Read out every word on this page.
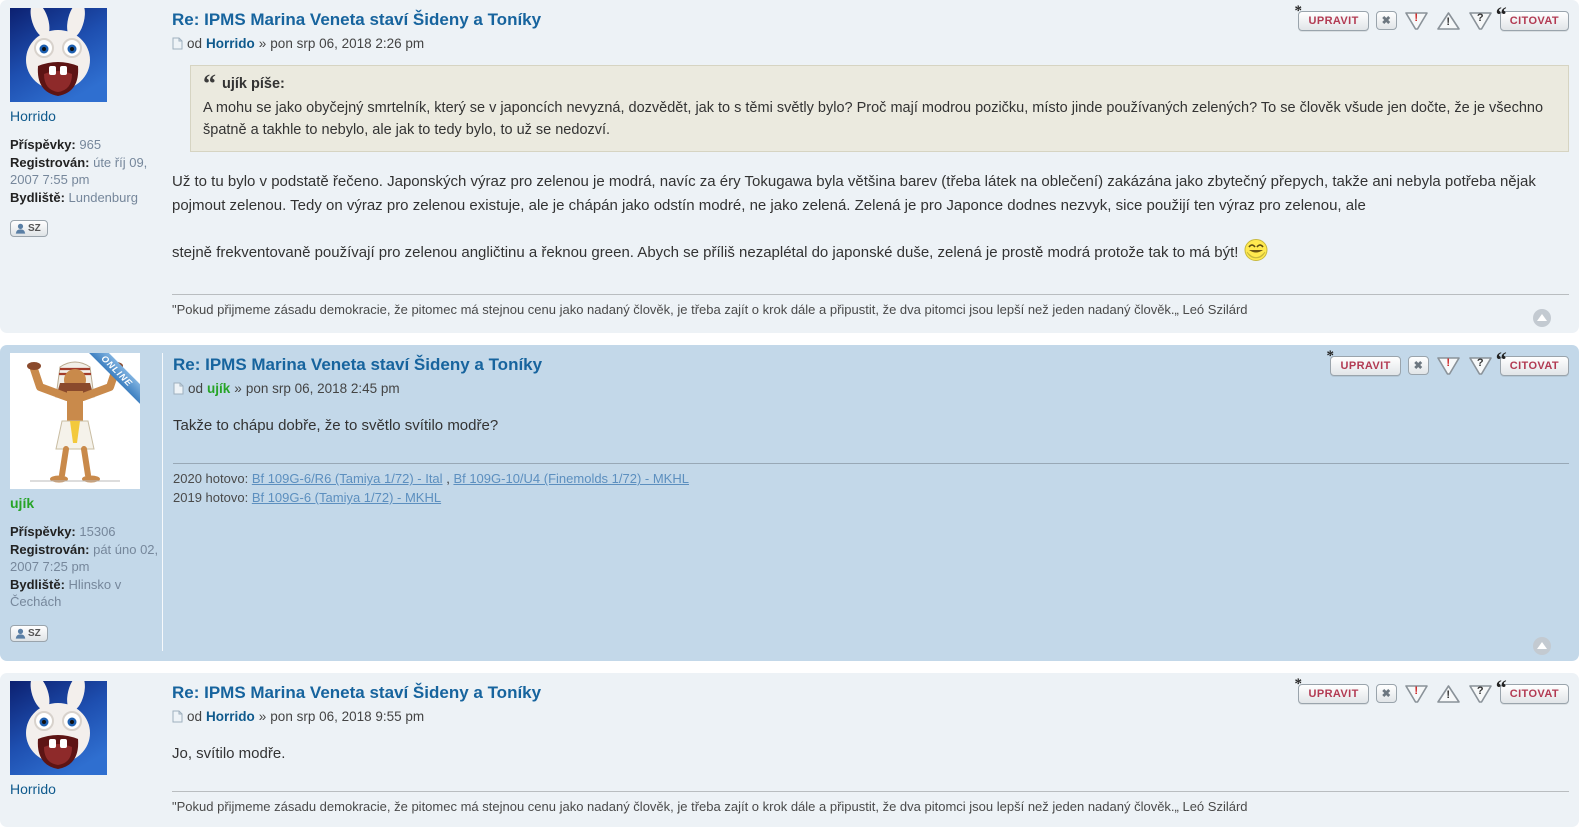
Horrido
Příspěvky: 965
Registrován: úte říj 09, 2007 7:55 pm
Bydliště: Lundenburg
SZ
Re: IPMS Marina Veneta staví Šideny a Toníky	*
UPRAVIT	✖	!	!	? “ CITOVAT
od Horrido » pon srp 06, 2018 2:26 pm
“ ujík píše:
A mohu se jako obyčejný smrtelník, který se v japoncích nevyzná, dozvědět, jak to s těmi světly bylo? Proč mají modrou pozičku, místo jinde používaných zelených? To se člověk všude jen dočte, že je všechno špatně a takhle to nebylo, ale jak to tedy bylo, to už se nedozví.

Už to tu bylo v podstatě řečeno. Japonských výraz pro zelenou je modrá, navíc za éry Tokugawa byla většina barev (třeba látek na oblečení) zakázána jako zbytečný přepych, takže ani nebyla potřeba nějak pojmout zelenou. Tedy on výraz pro zelenou existuje, ale je chápán jako odstín modré, ne jako zelená. Zelená je pro Japonce dodnes nezvyk, sice použijí ten výraz pro zelenou, ale

stejně frekventovaně používají pro zelenou angličtinu a řeknou green. Abych se příliš nezaplétal do japonské duše, zelená je prostě modrá protože tak to má být!

"Pokud přijmeme zásadu demokracie, že pitomec má stejnou cenu jako nadaný člověk, je třeba zajít o krok dále a připustit, že dva pitomci jsou lepší než jeden nadaný člověk.„ Leó Szilárd
ONLINE
ujík
Příspěvky: 15306
Registrován: pát úno 02, 2007 7:25 pm
Bydliště: Hlinsko v Čechách
SZ
Re: IPMS Marina Veneta staví Šideny a Toníky	*
UPRAVIT	✖	!	? “ CITOVAT
od ujík » pon srp 06, 2018 2:45 pm

Takže to chápu dobře, že to světlo svítilo modře?

2020 hotovo: Bf 109G-6/R6 (Tamiya 1/72) - Ital , Bf 109G-10/U4 (Finemolds 1/72) - MKHL
2019 hotovo: Bf 109G-6 (Tamiya 1/72) - MKHL
Horrido
Re: IPMS Marina Veneta staví Šideny a Toníky	*
UPRAVIT	✖	!	!	? “ CITOVAT
od Horrido » pon srp 06, 2018 9:55 pm

Jo, svítilo modře.

"Pokud přijmeme zásadu demokracie, že pitomec má stejnou cenu jako nadaný člověk, je třeba zajít o krok dále a připustit, že dva pitomci jsou lepší než jeden nadaný člověk.„ Leó Szilárd
